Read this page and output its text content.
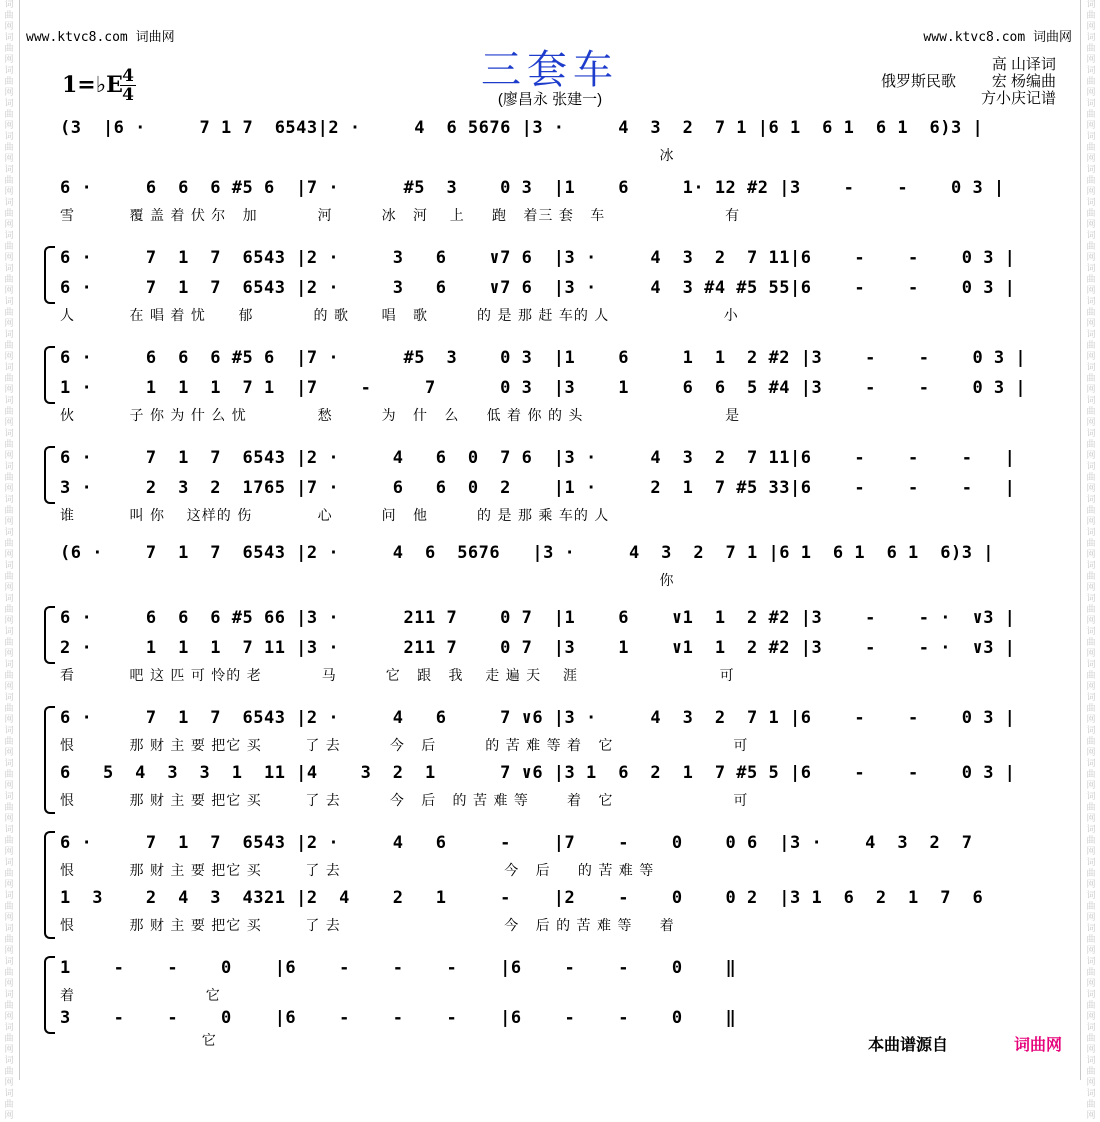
词曲网词曲网词曲网词曲网词曲网词曲网词曲网词曲网词曲网词曲网词曲网词曲网词曲网词曲网词曲网词曲网词曲网词曲网词曲网词曲网词曲网词曲网词曲网词曲网词曲网词曲网词曲网词曲网词曲网词曲网词曲网词曲网词曲网词曲网
词曲网词曲网词曲网词曲网词曲网词曲网词曲网词曲网词曲网词曲网词曲网词曲网词曲网词曲网词曲网词曲网词曲网词曲网词曲网词曲网词曲网词曲网词曲网词曲网词曲网词曲网词曲网词曲网词曲网词曲网词曲网词曲网词曲网词曲网
www.ktvc8.com 词曲网	www.ktvc8.com 词曲网
三套车
(廖昌永 张建一)
1=♭E 4
4
高 山译词
宏 杨编曲
方小庆记谱
俄罗斯民歌
(3  |6 ·     7 1 7  6543|2 ·     4  6 5676 |3 ·     4  3  2  7 1 |6 1  6 1  6 1  6)3 |
冰
6 ·     6  6  6 #5 6  |7 ·      #5  3    0 3  |1    6     1· 12 #2 |3    -    -    0 3 |
雪          覆 盖 着 伏 尔   加           河         冰   河    上     跑   着三 套   车                      有
6 ·     7  1  7  6543 |2 ·     3   6    ∨7 6  |3 ·     4  3  2  7 11|6    -    -    0 3 |
6 ·     7  1  7  6543 |2 ·     3   6    ∨7 6  |3 ·     4  3 #4 #5 55|6    -    -    0 3 |
人          在 唱 着 忧      郁           的 歌      唱   歌         的 是 那 赶 车的 人                     小
6 ·     6  6  6 #5 6  |7 ·      #5  3    0 3  |1    6     1  1  2 #2 |3    -    -    0 3 |
1 ·     1  1  1  7 1  |7    -     7      0 3  |3    1     6  6  5 #4 |3    -    -    0 3 |
伙          子 你 为 什 么 忧             愁         为   什   么     低 着 你 的 头                          是
6 ·     7  1  7  6543 |2 ·     4   6  0  7 6  |3 ·     4  3  2  7 11|6    -    -    -   |
3 ·     2  3  2  1765 |7 ·     6   6  0  2    |1 ·     2  1  7 #5 33|6    -    -    -   |
谁          叫 你    这样的 伤            心         问   他         的 是 那 乘 车的 人
(6 ·    7  1  7  6543 |2 ·     4  6  5676   |3 ·     4  3  2  7 1 |6 1  6 1  6 1  6)3 |
你
6 ·     6  6  6 #5 66 |3 ·      211 7    0 7  |1    6    ∨1  1  2 #2 |3    -    - ·  ∨3 |
2 ·     1  1  1  7 11 |3 ·      211 7    0 7  |3    1    ∨1  1  2 #2 |3    -    - ·  ∨3 |
看          吧 这 匹 可 怜的 老           马         它   跟   我    走 遍 天    涯                          可
6 ·     7  1  7  6543 |2 ·     4   6     7 ∨6 |3 ·     4  3  2  7 1 |6    -    -    0 3 |
恨          那 财 主 要 把它 买        了 去         今   后         的 苦 难 等 着   它                      可
6   5  4  3  3  1  11 |4    3  2  1      7 ∨6 |3 1  6  2  1  7 #5 5 |6    -    -    0 3 |
恨          那 财 主 要 把它 买        了 去         今   后   的 苦 难 等       着   它                      可
6 ·     7  1  7  6543 |2 ·     4   6     -    |7    -    0    0 6  |3 ·    4  3  2  7
恨          那 财 主 要 把它 买        了 去                              今   后     的 苦 难 等
1  3    2  4  3  4321 |2  4    2   1     -    |2    -    0    0 2  |3 1  6  2  1  7  6
恨          那 财 主 要 把它 买        了 去                              今   后 的 苦 难 等     着
1    -    -    0    |6    -    -    -    |6    -    -    0    ‖
着                        它
3    -    -    0    |6    -    -    -    |6    -    -    0    ‖
它	本曲谱源自	词曲网
